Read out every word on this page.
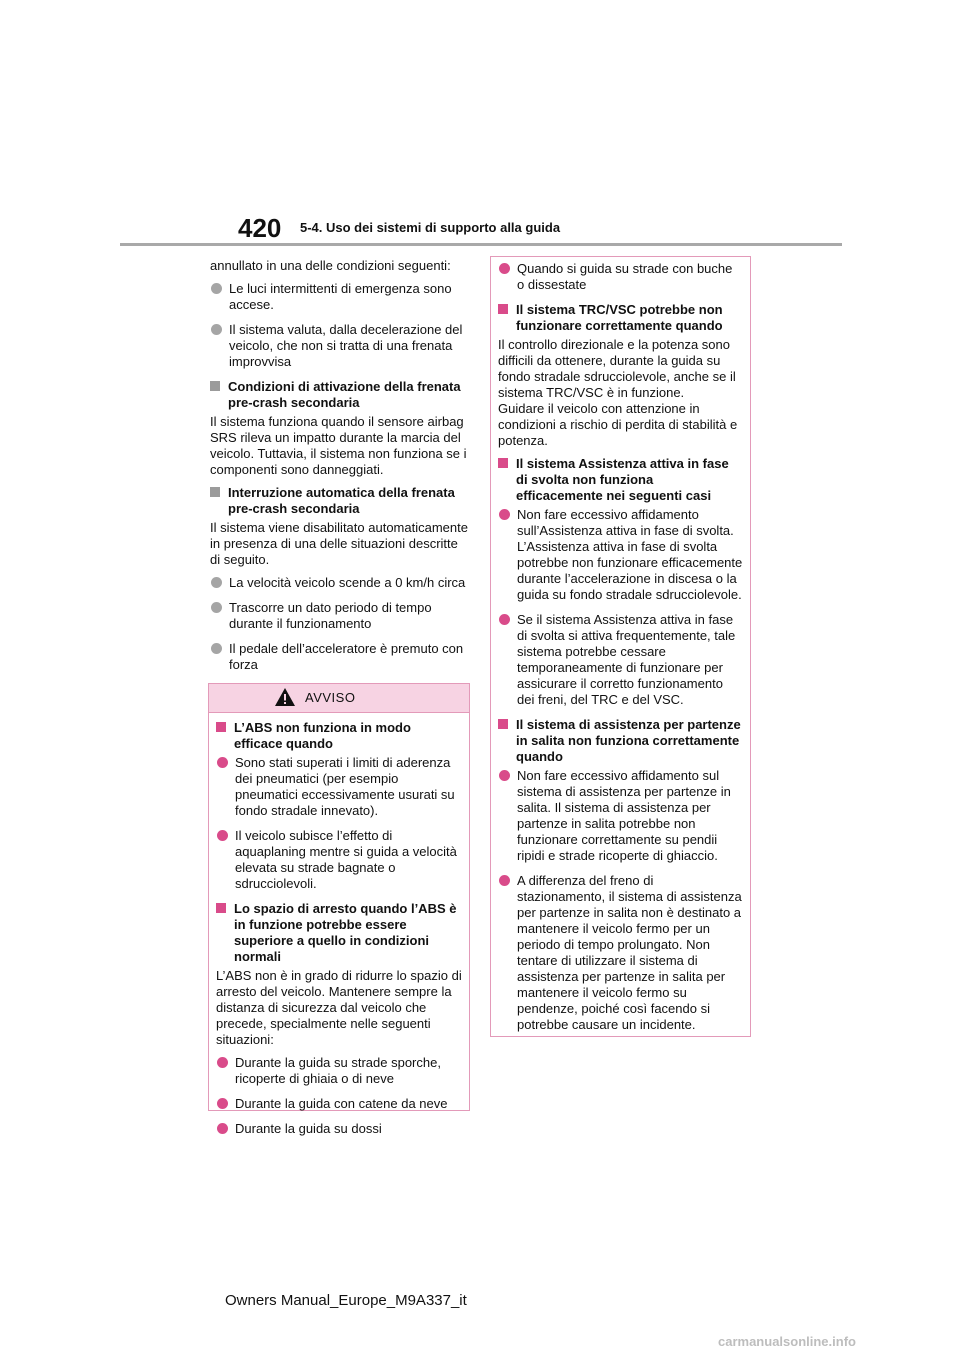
420 5-4. Uso dei sistemi di supporto alla guida

annullato in una delle condizioni seguenti:

Le luci intermittenti di emergenza sono accese.
Il sistema valuta, dalla decelerazione del veicolo, che non si tratta di una frenata improvvisa
Condizioni di attivazione della frenata pre-crash secondaria

Il sistema funziona quando il sensore airbag SRS rileva un impatto durante la marcia del veicolo. Tuttavia, il sistema non funziona se i componenti sono danneggiati.

Interruzione automatica della frenata pre-crash secondaria

Il sistema viene disabilitato automaticamente in presenza di una delle situazioni descritte di seguito.

La velocità veicolo scende a 0 km/h circa
Trascorre un dato periodo di tempo durante il funzionamento
Il pedale dell’acceleratore è premuto con forza
AVVISO
L’ABS non funziona in modo efficace quando
Sono stati superati i limiti di aderenza dei pneumatici (per esempio pneumatici eccessivamente usurati su fondo stradale innevato).
Il veicolo subisce l’effetto di aquaplaning mentre si guida a velocità elevata su strade bagnate o sdrucciolevoli.
Lo spazio di arresto quando l’ABS è in funzione potrebbe essere superiore a quello in condizioni normali

L’ABS non è in grado di ridurre lo spazio di arresto del veicolo. Mantenere sempre la distanza di sicurezza dal veicolo che precede, specialmente nelle seguenti situazioni:

Durante la guida su strade sporche, ricoperte di ghiaia o di neve
Durante la guida con catene da neve
Durante la guida su dossi
Quando si guida su strade con buche o dissestate
Il sistema TRC/VSC potrebbe non funzionare correttamente quando

Il controllo direzionale e la potenza sono difficili da ottenere, durante la guida su fondo stradale sdrucciolevole, anche se il sistema TRC/VSC è in funzione.

Guidare il veicolo con attenzione in condizioni a rischio di perdita di stabilità e potenza.

Il sistema Assistenza attiva in fase di svolta non funziona efficacemente nei seguenti casi
Non fare eccessivo affidamento sull’Assistenza attiva in fase di svolta. L’Assistenza attiva in fase di svolta potrebbe non funzionare efficacemente durante l’accelerazione in discesa o la guida su fondo stradale sdrucciolevole.
Se il sistema Assistenza attiva in fase di svolta si attiva frequentemente, tale sistema potrebbe cessare temporaneamente di funzionare per assicurare il corretto funzionamento dei freni, del TRC e del VSC.
Il sistema di assistenza per partenze in salita non funziona correttamente quando
Non fare eccessivo affidamento sul sistema di assistenza per partenze in salita. Il sistema di assistenza per partenze in salita potrebbe non funzionare correttamente su pendii ripidi e strade ricoperte di ghiaccio.
A differenza del freno di stazionamento, il sistema di assistenza per partenze in salita non è destinato a mantenere il veicolo fermo per un periodo di tempo prolungato. Non tentare di utilizzare il sistema di assistenza per partenze in salita per mantenere il veicolo fermo su pendenze, poiché così facendo si potrebbe causare un incidente.
Owners Manual_Europe_M9A337_it
carmanualsonline.info
